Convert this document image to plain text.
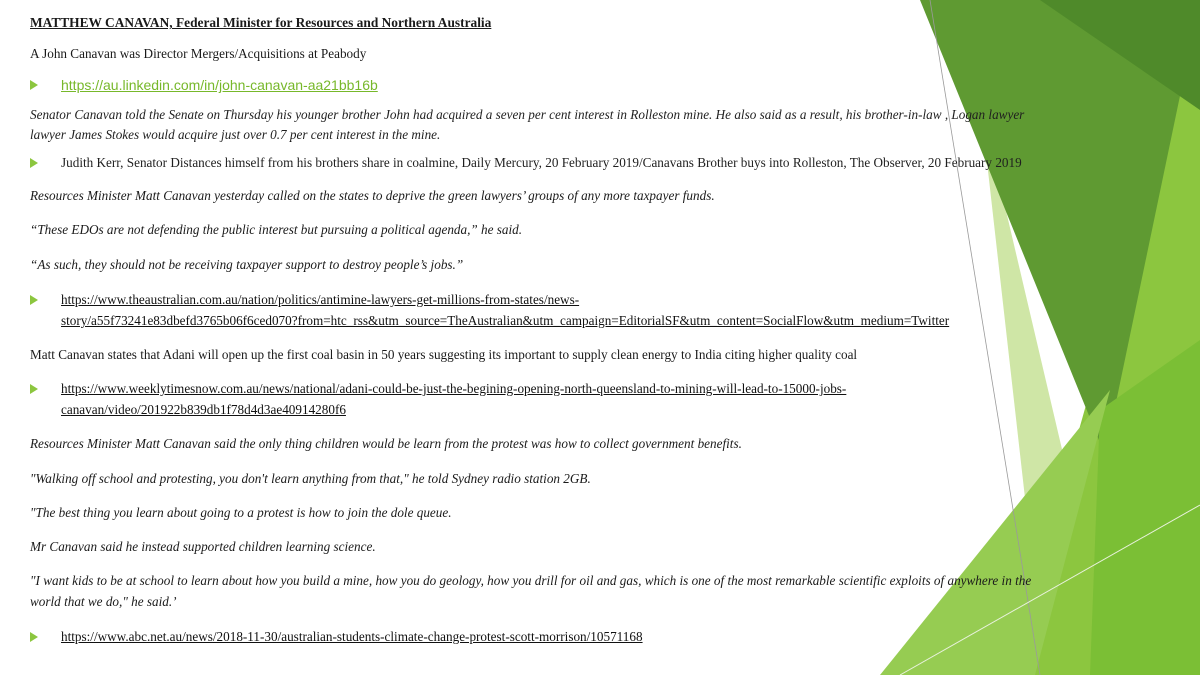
MATTHEW CANAVAN, Federal Minister for Resources and Northern Australia
A John Canavan was Director Mergers/Acquisitions at Peabody
https://au.linkedin.com/in/john-canavan-aa21bb16b
Senator Canavan told the Senate on Thursday his younger brother John had acquired a seven per cent interest in Rolleston mine. He also said as a result, his brother-in-law , Logan lawyer
lawyer James Stokes would acquire just over 0.7 per cent interest in the mine.
Judith Kerr, Senator Distances himself from his brothers share in coalmine, Daily Mercury, 20 February 2019/Canavans Brother buys into Rolleston, The Observer, 20 February 2019
Resources Minister Matt Canavan yesterday called on the states to deprive the green lawyers’ groups of any more taxpayer funds.
“These EDOs are not defending the public interest but pursuing a political agenda,” he said.
“As such, they should not be receiving taxpayer support to destroy people’s jobs.”
https://www.theaustralian.com.au/nation/politics/antimine-lawyers-get-millions-from-states/news-
story/a55f73241e83dbefd3765b06f6ced070?from=htc_rss&utm_source=TheAustralian&utm_campaign=EditorialSF&utm_content=SocialFlow&utm_medium=Twitter
Matt Canavan states that Adani will open up the first coal basin in 50 years suggesting its important to supply clean energy to India citing higher quality coal
https://www.weeklytimesnow.com.au/news/national/adani-could-be-just-the-begining-opening-north-queensland-to-mining-will-lead-to-15000-jobs-
canavan/video/201922b839db1f78d4d3ae40914280f6
Resources Minister Matt Canavan said the only thing children would be learn from the protest was how to collect government benefits.
"Walking off school and protesting, you don't learn anything from that," he told Sydney radio station 2GB.
"The best thing you learn about going to a protest is how to join the dole queue.
Mr Canavan said he instead supported children learning science.
"I want kids to be at school to learn about how you build a mine, how you do geology, how you drill for oil and gas, which is one of the most remarkable scientific exploits of anywhere in the
world that we do," he said.’
https://www.abc.net.au/news/2018-11-30/australian-students-climate-change-protest-scott-morrison/10571168
